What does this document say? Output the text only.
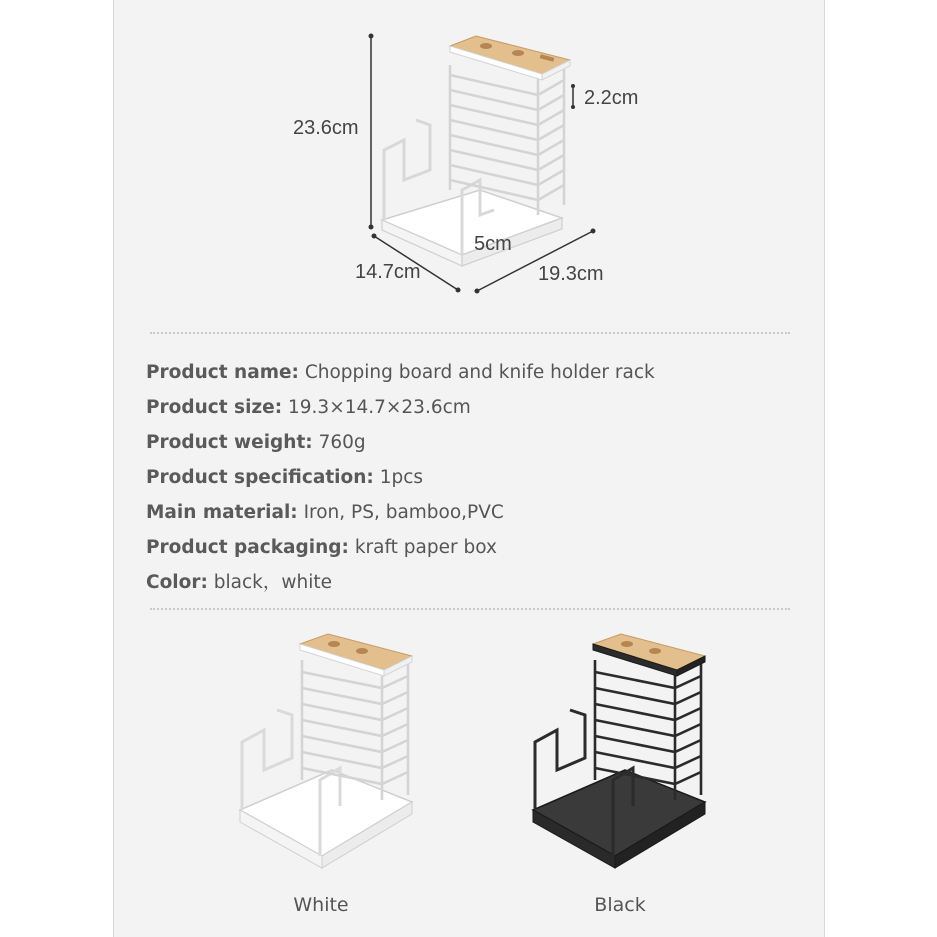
23.6cm
2.2cm
5cm
14.7cm	19.3cm
Product name: Chopping board and knife holder rack
Product size: 19.3×14.7×23.6cm
Product weight: 760g
Product specification: 1pcs
Main material: Iron, PS, bamboo,PVC
Product packaging: kraft paper box
Color: black，white
White	Black
